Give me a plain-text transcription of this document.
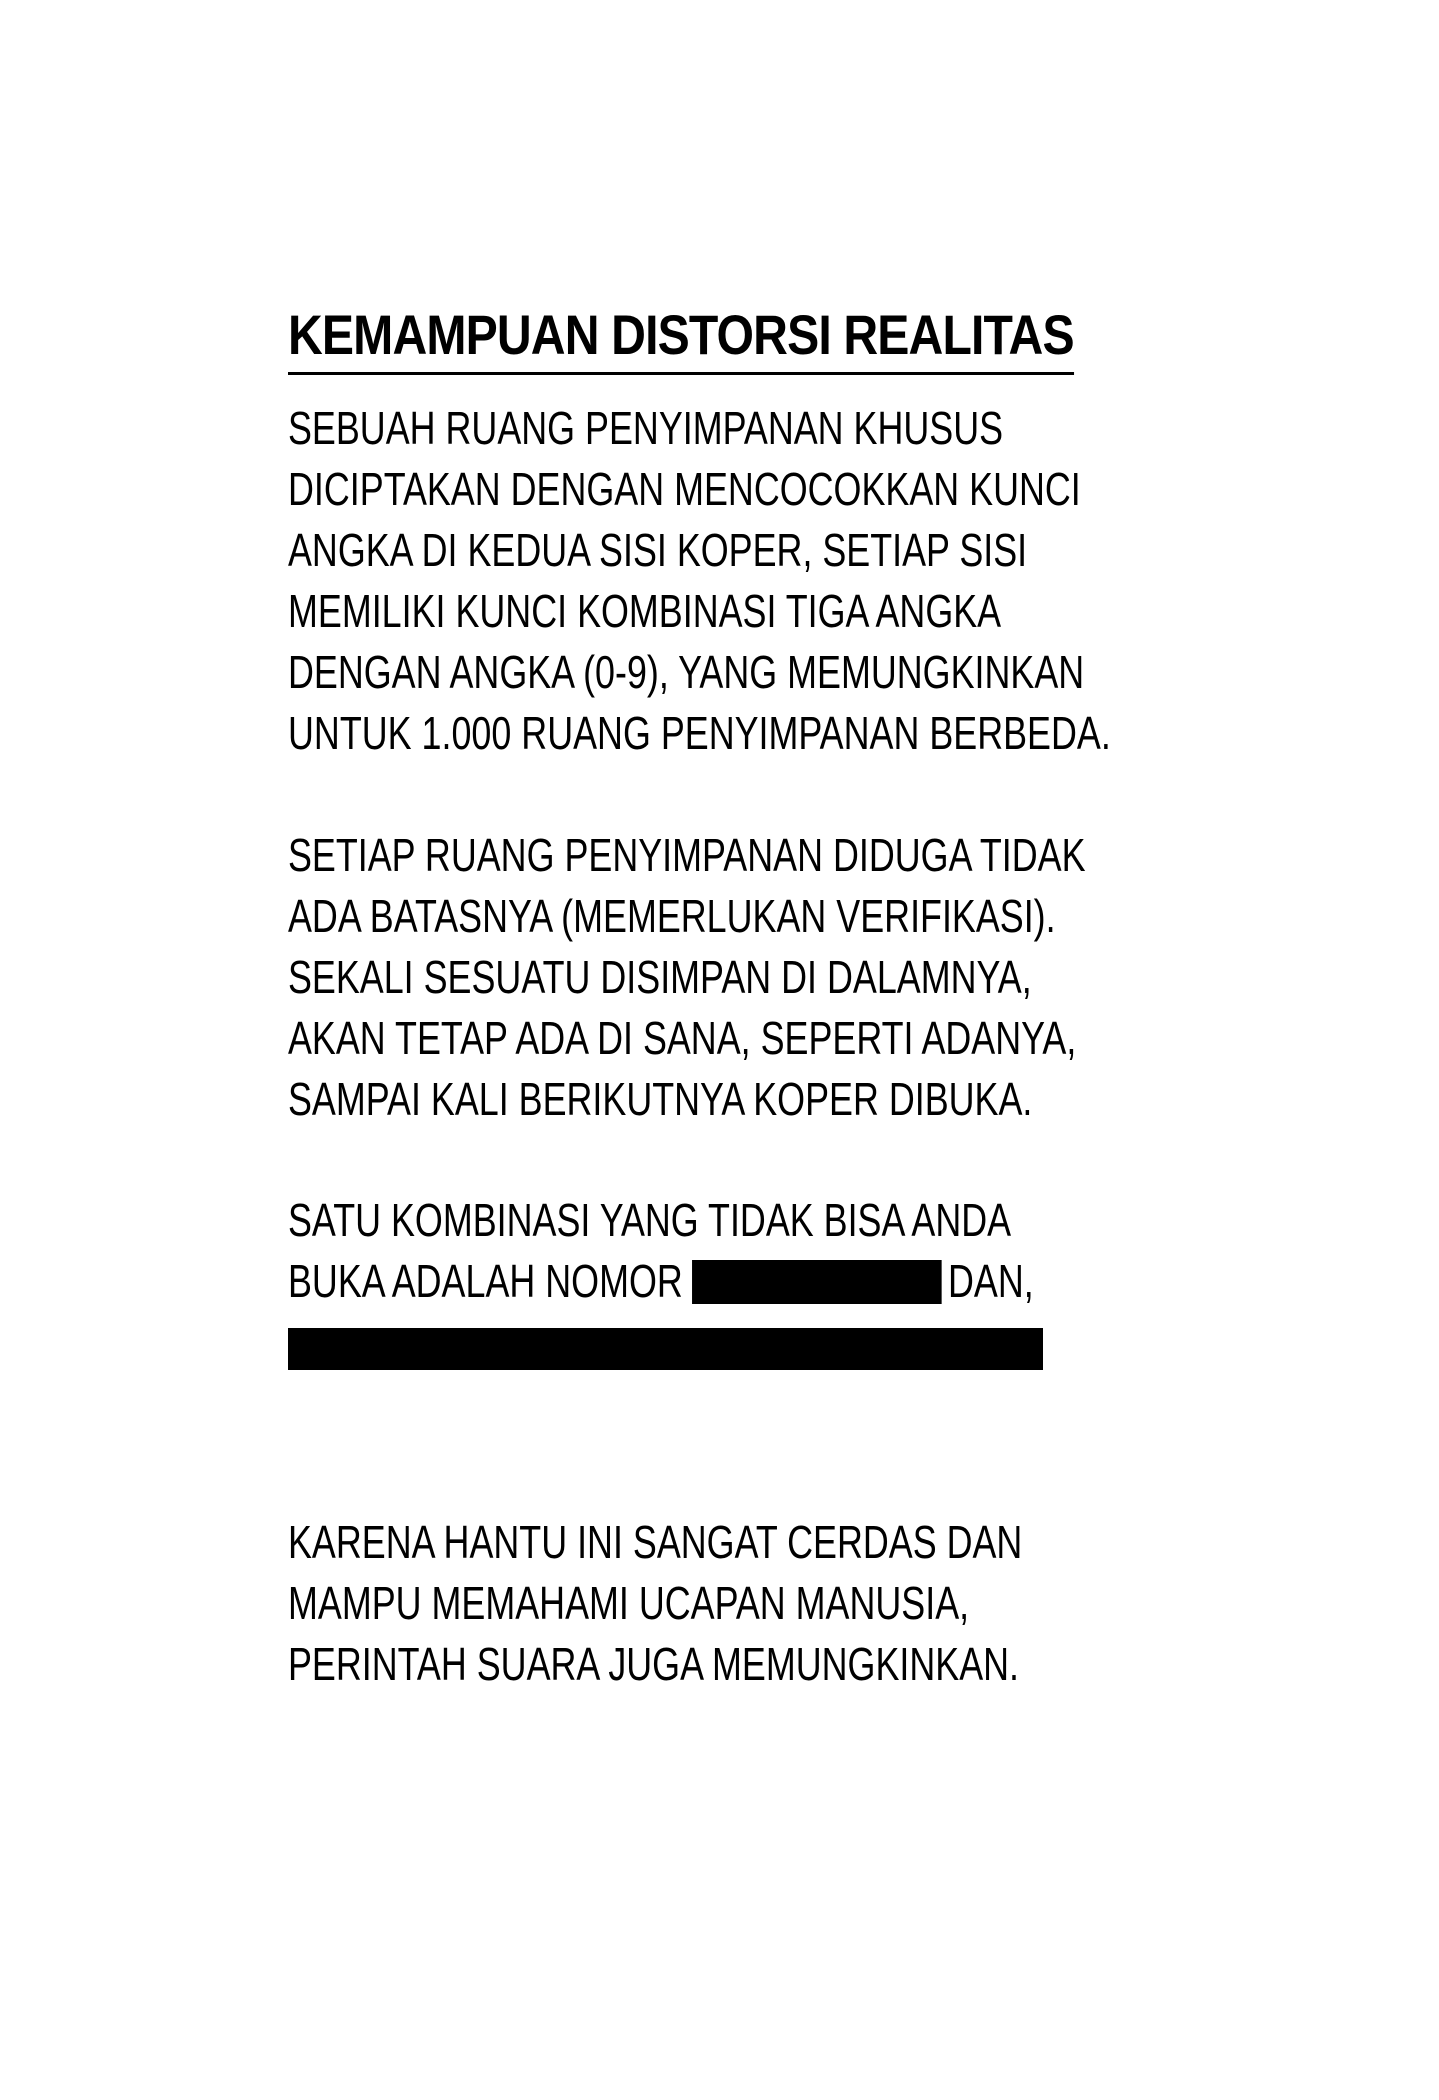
KEMAMPUAN DISTORSI REALITAS
SEBUAH RUANG PENYIMPANAN KHUSUS
DICIPTAKAN DENGAN MENCOCOKKAN KUNCI
ANGKA DI KEDUA SISI KOPER, SETIAP SISI
MEMILIKI KUNCI KOMBINASI TIGA ANGKA
DENGAN ANGKA (0-9), YANG MEMUNGKINKAN
UNTUK 1.000 RUANG PENYIMPANAN BERBEDA.
SETIAP RUANG PENYIMPANAN DIDUGA TIDAK
ADA BATASNYA (MEMERLUKAN VERIFIKASI).
SEKALI SESUATU DISIMPAN DI DALAMNYA,
AKAN TETAP ADA DI SANA, SEPERTI ADANYA,
SAMPAI KALI BERIKUTNYA KOPER DIBUKA.
SATU KOMBINASI YANG TIDAK BISA ANDA
BUKA ADALAH NOMOR	DAN,
KARENA HANTU INI SANGAT CERDAS DAN
MAMPU MEMAHAMI UCAPAN MANUSIA,
PERINTAH SUARA JUGA MEMUNGKINKAN.
